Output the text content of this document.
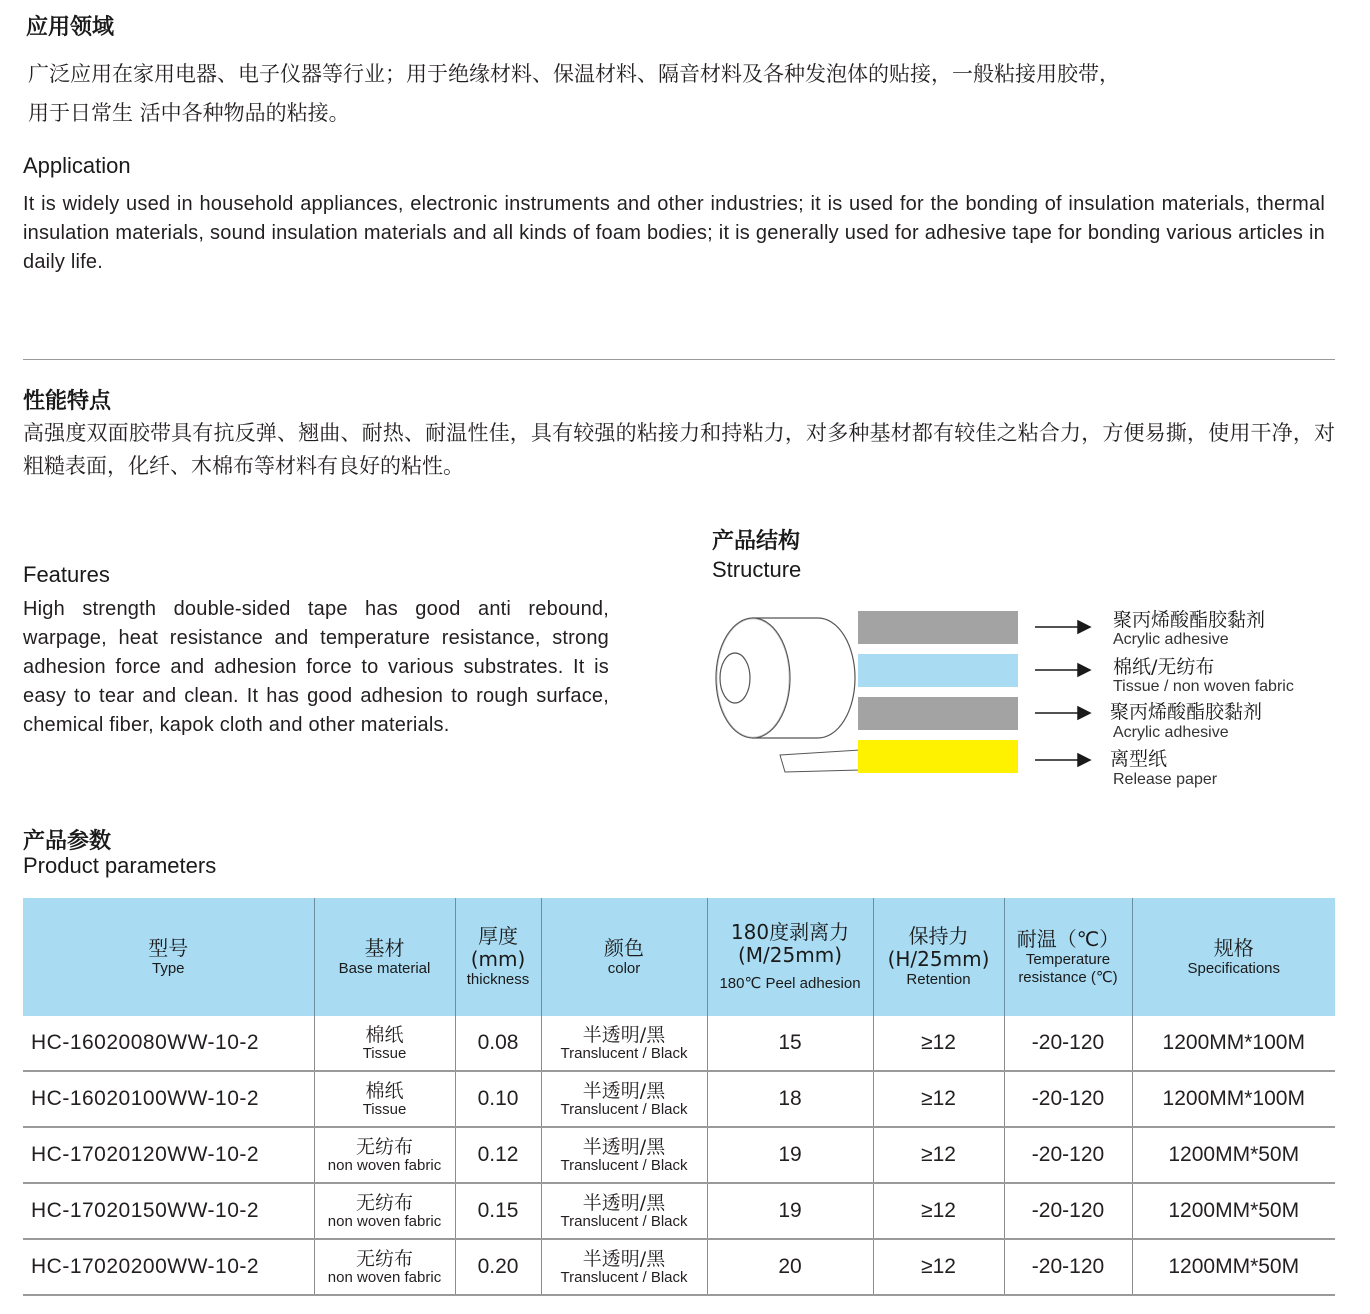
应用领域
广泛应用在家用电器、电子仪器等行业；用于绝缘材料、保温材料、隔音材料及各种发泡体的贴接，一般粘接用胶带，
用于日常生 活中各种物品的粘接。
Application
It is widely used in household appliances, electronic instruments and other industries; it is used for the bonding of insulation materials, thermal insulation materials, sound insulation materials and all kinds of foam bodies; it is generally used for adhesive tape for bonding various articles in daily life.
性能特点
高强度双面胶带具有抗反弹、翘曲、耐热、耐温性佳，具有较强的粘接力和持粘力，对多种基材都有较佳之粘合力，方便易撕，使用干净，对粗糙表面，化纤、木棉布等材料有良好的粘性。
Features
High strength double-sided tape has good anti rebound, warpage, heat resistance and temperature resistance, strong adhesion force and adhesion force to various substrates. It is easy to tear and clean. It has good adhesion to rough surface, chemical fiber, kapok cloth and other materials.
产品结构
Structure
聚丙烯酸酯胶黏剂
Acrylic adhesive
棉纸/无纺布
Tissue / non woven fabric
聚丙烯酸酯胶黏剂
Acrylic adhesive
离型纸
Release paper
产品参数
Product parameters
型号
Type	基材
Base material	厚度
(mm)
thickness	颜色
color	180度剥离力
(M/25mm)
180℃ Peel adhesion	保持力
(H/25mm)
Retention	耐温（℃）
Temperature
resistance (℃)	规格
Specifications

HC-16020080WW-10-2	棉纸
Tissue	0.08	半透明/黑
Translucent / Black	15	≥12	-20-120	1200MM*100M
HC-16020100WW-10-2	棉纸
Tissue	0.10	半透明/黑
Translucent / Black	18	≥12	-20-120	1200MM*100M
HC-17020120WW-10-2	无纺布
non woven fabric	0.12	半透明/黑
Translucent / Black	19	≥12	-20-120	1200MM*50M
HC-17020150WW-10-2	无纺布
non woven fabric	0.15	半透明/黑
Translucent / Black	19	≥12	-20-120	1200MM*50M
HC-17020200WW-10-2	无纺布
non woven fabric	0.20	半透明/黑
Translucent / Black	20	≥12	-20-120	1200MM*50M
